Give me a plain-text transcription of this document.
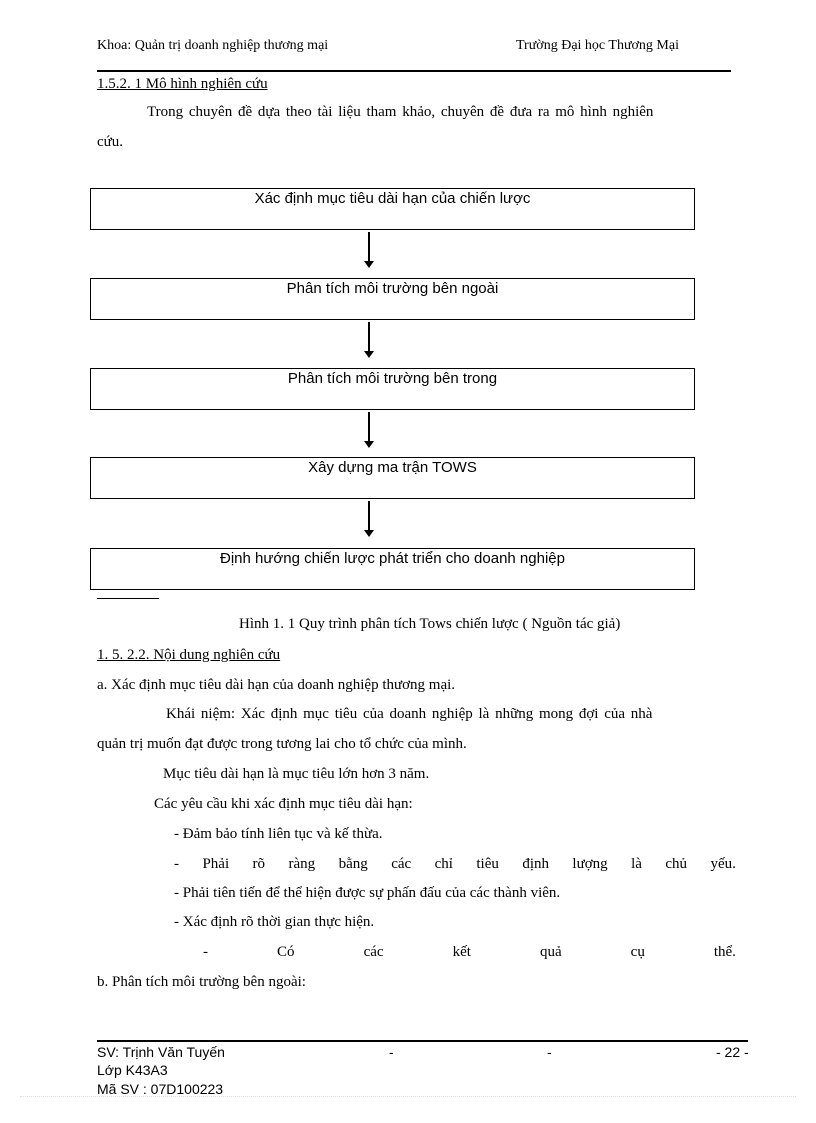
Khoa: Quản trị doanh nghiệp thương mại	Trường Đại học Thương Mại
1.5.2. 1 Mô hình nghiên cứu
Trong chuyên đề dựa theo tài liệu tham khảo, chuyên đề đưa ra mô hình nghiên
cứu.
Xác định mục tiêu dài hạn của chiến lược
Phân tích môi trường bên ngoài
Phân tích môi trường bên trong
Xây dựng ma trận TOWS
Định hướng chiến lược phát triển cho doanh nghiệp
Hình 1. 1 Quy trình phân tích Tows chiến lược ( Nguồn tác giả)
1. 5. 2.2. Nội dung nghiên cứu
a. Xác định mục tiêu dài hạn của doanh nghiệp thương mại.
Khái niệm: Xác định mục tiêu của doanh nghiệp là những mong đợi của nhà
quản trị muốn đạt được trong tương lai cho tổ chức của mình.
Mục tiêu dài hạn là mục tiêu lớn hơn 3 năm.
Các yêu cầu khi xác định mục tiêu dài hạn:
- Đảm bảo tính liên tục và kế thừa.
- Phải rõ ràng bằng các chỉ tiêu định lượng là chủ yếu.
- Phải tiên tiến để thể hiện được sự phấn đấu của các thành viên.
- Xác định rõ thời gian thực hiện.
-	Có	các	kết	quả	cụ	thể.
b. Phân tích môi trường bên ngoài:
SV: Trịnh Văn Tuyến	-	-	- 22 -
Lớp K43A3
Mã SV : 07D100223
